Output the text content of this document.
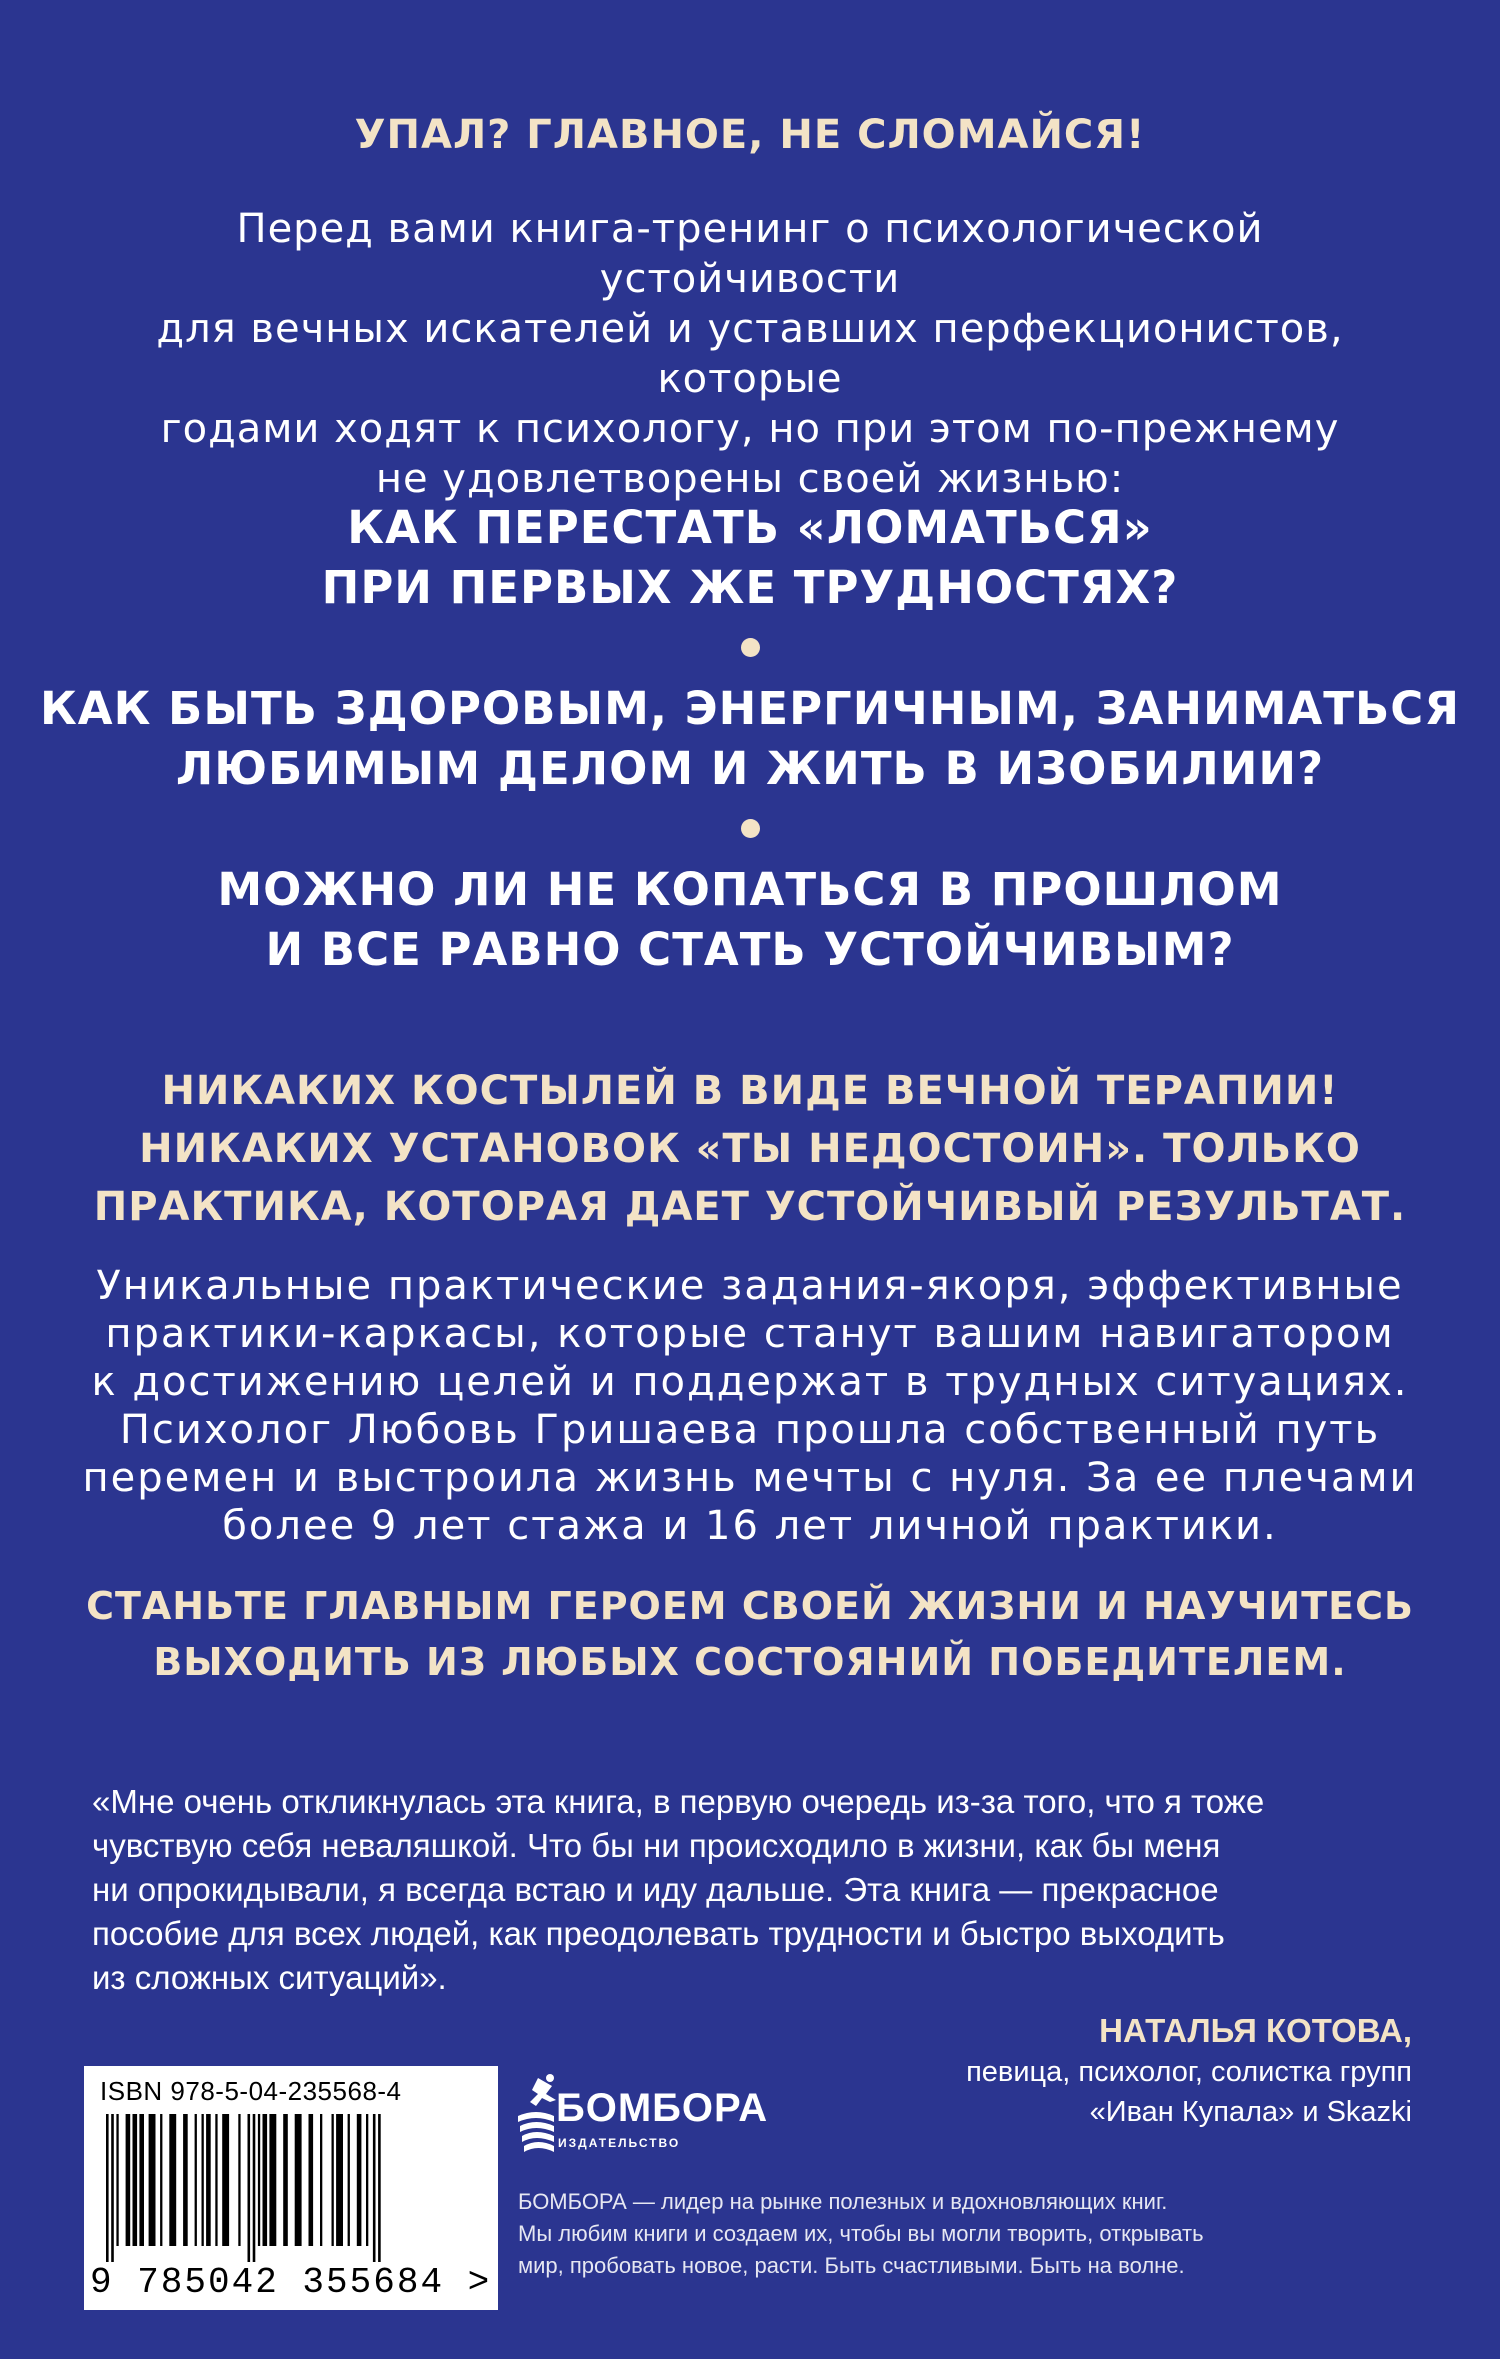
УПАЛ? ГЛАВНОЕ, НЕ СЛОМАЙСЯ!
Перед вами книга-тренинг о психологической устойчивости
для вечных искателей и уставших перфекционистов, которые
годами ходят к психологу, но при этом по-прежнему
не удовлетворены своей жизнью:
КАК ПЕРЕСТАТЬ «ЛОМАТЬСЯ»
ПРИ ПЕРВЫХ ЖЕ ТРУДНОСТЯХ?
КАК БЫТЬ ЗДОРОВЫМ, ЭНЕРГИЧНЫМ, ЗАНИМАТЬСЯ
ЛЮБИМЫМ ДЕЛОМ И ЖИТЬ В ИЗОБИЛИИ?
МОЖНО ЛИ НЕ КОПАТЬСЯ В ПРОШЛОМ
И ВСЕ РАВНО СТАТЬ УСТОЙЧИВЫМ?
НИКАКИХ КОСТЫЛЕЙ В ВИДЕ ВЕЧНОЙ ТЕРАПИИ!
НИКАКИХ УСТАНОВОК «ТЫ НЕДОСТОИН». ТОЛЬКО
ПРАКТИКА, КОТОРАЯ ДАЕТ УСТОЙЧИВЫЙ РЕЗУЛЬТАТ.
Уникальные практические задания-якоря, эффективные
практики-каркасы, которые станут вашим навигатором
к достижению целей и поддержат в трудных ситуациях.
Психолог Любовь Гришаева прошла собственный путь
перемен и выстроила жизнь мечты с нуля. За ее плечами
более 9 лет стажа и 16 лет личной практики.
СТАНЬТЕ ГЛАВНЫМ ГЕРОЕМ СВОЕЙ ЖИЗНИ И НАУЧИТЕСЬ
ВЫХОДИТЬ ИЗ ЛЮБЫХ СОСТОЯНИЙ ПОБЕДИТЕЛЕМ.
«Мне очень откликнулась эта книга, в первую очередь из-за того, что я тоже
чувствую себя неваляшкой. Что бы ни происходило в жизни, как бы меня
ни опрокидывали, я всегда встаю и иду дальше. Эта книга — прекрасное
пособие для всех людей, как преодолевать трудности и быстро выходить
из сложных ситуаций».
НАТАЛЬЯ КОТОВА,
певица, психолог, солистка групп
«Иван Купала» и Skazki
ISBN 978-5-04-235568-4
9 785042 355684 >
БОМБОРА
ИЗДАТЕЛЬСТВО
БОМБОРА — лидер на рынке полезных и вдохновляющих книг.
Мы любим книги и создаем их, чтобы вы могли творить, открывать
мир, пробовать новое, расти. Быть счастливыми. Быть на волне.
